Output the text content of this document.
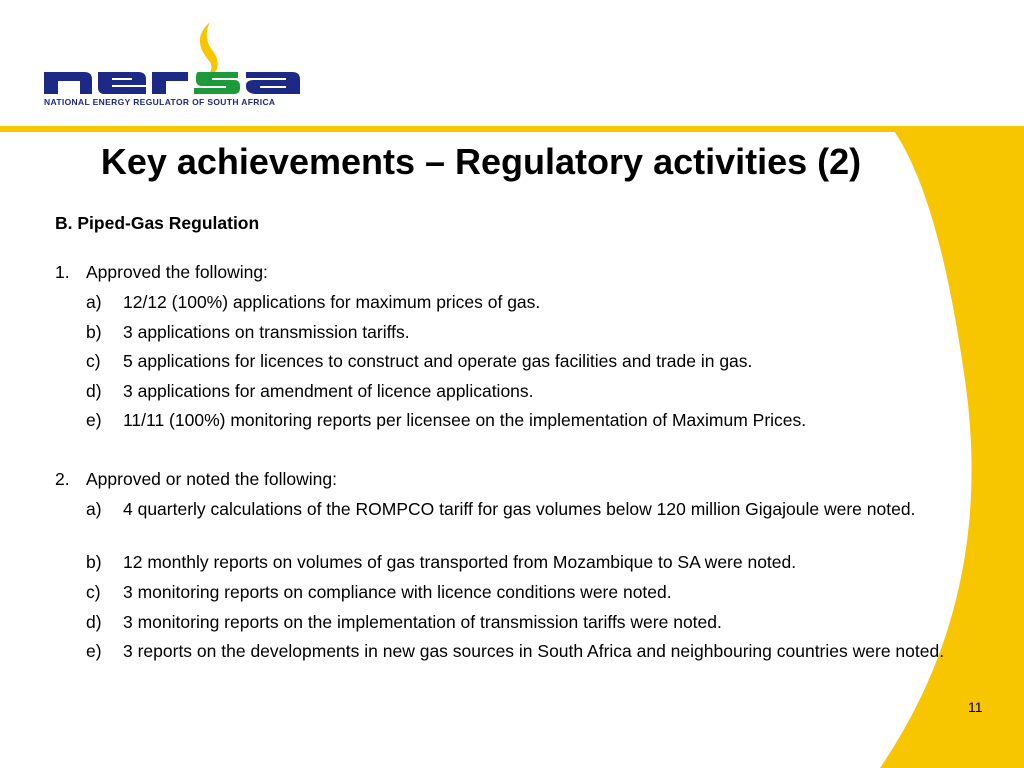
NATIONAL ENERGY REGULATOR OF SOUTH AFRICA
Key achievements – Regulatory activities (2)
B. Piped-Gas Regulation
1. Approved the following:
a) 12/12 (100%) applications for maximum prices of gas.
b) 3 applications on transmission tariffs.
c) 5 applications for licences to construct and operate gas facilities and trade in gas.
d) 3 applications for amendment of licence applications.
e) 11/11 (100%) monitoring reports per licensee on the implementation of Maximum Prices.
2. Approved or noted the following:
a) 4 quarterly calculations of the ROMPCO tariff for gas volumes below 120 million Gigajoule were noted.
b) 12 monthly reports on volumes of gas transported from Mozambique to SA were noted.
c) 3 monitoring reports on compliance with licence conditions were noted.
d) 3 monitoring reports on the implementation of transmission tariffs were noted.
e) 3 reports on the developments in new gas sources in South Africa and neighbouring countries were noted.
11
